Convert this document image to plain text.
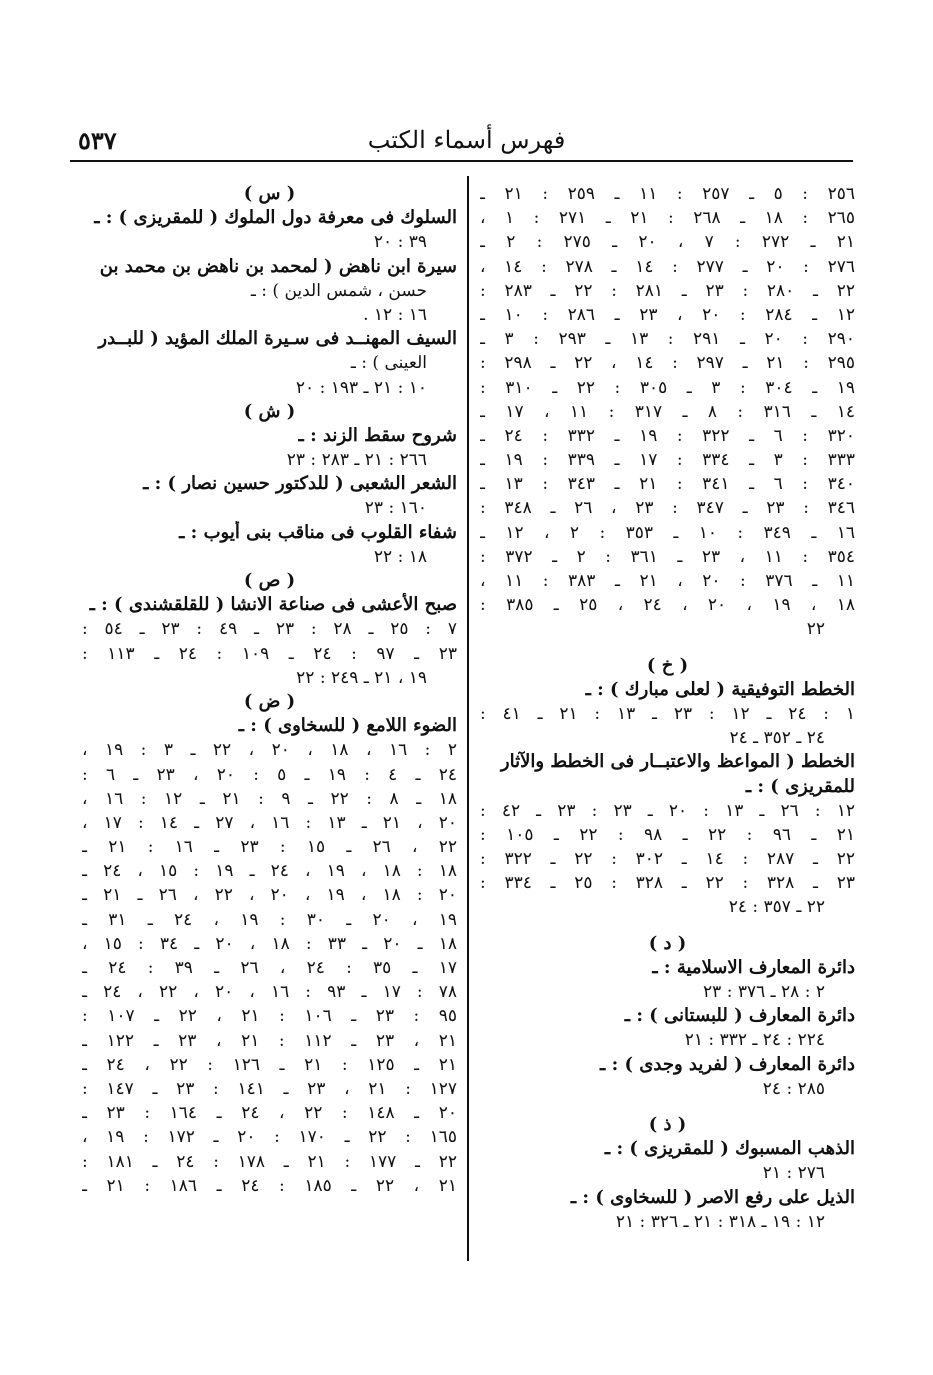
فهرس أسماء الكتب
٥٣٧
٢٥٦ : ٥ ـ ٢٥٧ : ١١ ـ ٢٥٩ : ٢١ ـ
٢٦٥ : ١٨ ـ ٢٦٨ : ٢١ ـ ٢٧١ : ١ ،
٢١ ـ ٢٧٢ : ٧ ، ٢٠ ـ ٢٧٥ : ٢ ـ
٢٧٦ : ٢٠ ـ ٢٧٧ : ١٤ ـ ٢٧٨ : ١٤ ،
٢٢ ـ ٢٨٠ : ٢٣ ـ ٢٨١ : ٢٢ ـ ٢٨٣ :
١٢ ـ ٢٨٤ : ٢٠ ، ٢٣ ـ ٢٨٦ : ١٠ ـ
٢٩٠ : ٢٠ ـ ٢٩١ : ١٣ ـ ٢٩٣ : ٣ ـ
٢٩٥ : ٢١ ـ ٢٩٧ : ١٤ ، ٢٢ ـ ٢٩٨ :
١٩ ـ ٣٠٤ : ٣ ـ ٣٠٥ : ٢٢ ـ ٣١٠ :
١٤ ـ ٣١٦ : ٨ ـ ٣١٧ : ١١ ، ١٧ ـ
٣٢٠ : ٦ ـ ٣٢٢ : ١٩ ـ ٣٣٢ : ٢٤ ـ
٣٣٣ : ٣ ـ ٣٣٤ : ١٧ ـ ٣٣٩ : ١٩ ـ
٣٤٠ : ٦ ـ ٣٤١ : ٢١ ـ ٣٤٣ : ١٣ ـ
٣٤٦ : ٢٣ ـ ٣٤٧ : ٢٣ ، ٢٦ ـ ٣٤٨ :
١٦ ـ ٣٤٩ : ١٠ ـ ٣٥٣ : ٢ ، ١٢ ـ
٣٥٤ : ١١ ، ٢٣ ـ ٣٦١ : ٢ ـ ٣٧٢ :
١١ ـ ٣٧٦ : ٢٠ ، ٢١ ـ ٣٨٣ : ١١ ،
١٨ ، ١٩ ، ٢٠ ، ٢٤ ، ٢٥ ـ ٣٨٥ :
٢٢
( خ )
الخطط التوفيقية ( لعلى مبارك ) : ـ
١ : ٢٤ ـ ١٢ : ٢٣ ـ ١٣ : ٢١ ـ ٤١ :
٢٤ ـ ٣٥٢ ـ ٢٤
الخطط ( المواعظ والاعتبــار فى الخطط والآثار
للمقريزى ) : ـ
١٢ : ٢٦ ـ ١٣ : ٢٠ ـ ٢٣ : ٢٣ ـ ٤٢ :
٢١ ـ ٩٦ : ٢٢ ـ ٩٨ : ٢٢ ـ ١٠٥ :
٢٢ ـ ٢٨٧ : ١٤ ـ ٣٠٢ : ٢٢ ـ ٣٢٢ :
٢٣ ـ ٣٢٨ : ٢٢ ـ ٣٢٨ : ٢٥ ـ ٣٣٤ :
٢٢ ـ ٣٥٧ : ٢٤
( د )
دائرة المعارف الاسلامية : ـ
٢ : ٢٨ ـ ٣٧٦ : ٢٣
دائرة المعارف ( للبستانى ) : ـ
٢٢٤ : ٢٤ ـ ٣٣٢ : ٢١
دائرة المعارف ( لفريد وجدى ) : ـ
٢٨٥ : ٢٤
( ذ )
الذهب المسبوك ( للمقريزى ) : ـ
٢٧٦ : ٢١
الذيل على رفع الاصر ( للسخاوى ) : ـ
١٢ : ١٩ ـ ٣١٨ : ٢١ ـ ٣٢٦ : ٢١
( س )
السلوك فى معرفة دول الملوك ( للمقريزى ) : ـ
٣٩ : ٢٠
سيرة ابن ناهض ( لمحمد بن ناهض بن محمد بن
حسن ، شمس الدين ) : ـ
١٦ : ١٢ .
السيف المهنــد فى سـيرة الملك المؤيد ( للبــدر
العينى ) : ـ
١٠ : ٢١ ـ ١٩٣ : ٢٠
( ش )
شروح سقط الزند : ـ
٢٦٦ : ٢١ ـ ٢٨٣ : ٢٣
الشعر الشعبى ( للدكتور حسين نصار ) : ـ
١٦٠ : ٢٣
شفاء القلوب فى مناقب بنى أيوب : ـ
١٨ : ٢٢
( ص )
صبح الأعشى فى صناعة الانشا ( للقلقشندى ) : ـ
٧ : ٢٥ ـ ٢٨ : ٢٣ ـ ٤٩ : ٢٣ ـ ٥٤ :
٢٣ ـ ٩٧ : ٢٤ ـ ١٠٩ : ٢٤ ـ ١١٣ :
١٩ ، ٢١ ـ ٢٤٩ : ٢٢
( ض )
الضوء اللامع ( للسخاوى ) : ـ
٢ : ١٦ ، ١٨ ، ٢٠ ، ٢٢ ـ ٣ : ١٩ ،
٢٤ ـ ٤ : ١٩ ـ ٥ : ٢٠ ، ٢٣ ـ ٦ :
١٨ ـ ٨ : ٢٢ ـ ٩ : ٢١ ـ ١٢ : ١٦ ،
٢٠ ، ٢١ ـ ١٣ : ١٦ ، ٢٧ ـ ١٤ : ١٧ ،
٢٢ ، ٢٦ ـ ١٥ : ٢٣ ـ ١٦ : ٢١ ـ
١٨ : ١٨ ، ١٩ ، ٢٤ ـ ١٩ : ١٥ ، ٢٤ ـ
٢٠ : ١٨ ، ١٩ ، ٢٠ ، ٢٢ ، ٢٦ ـ ٢١ ـ
١٩ ، ٢٠ ـ ٣٠ : ١٩ ، ٢٤ ـ ٣١ ـ
١٨ ـ ٢٠ ـ ٣٣ : ١٨ ، ٢٠ ـ ٣٤ : ١٥ ،
١٧ ـ ٣٥ : ٢٤ ، ٢٦ ـ ٣٩ : ٢٤ ـ
٧٨ : ١٧ ـ ٩٣ : ١٦ ، ٢٠ ، ٢٢ ، ٢٤ ـ
٩٥ : ٢٣ ـ ١٠٦ : ٢١ ، ٢٢ ـ ١٠٧ :
٢١ ، ٢٣ ـ ١١٢ : ٢١ ، ٢٣ ـ ١٢٢ ـ
٢١ ـ ١٢٥ : ٢١ ـ ١٢٦ : ٢٢ ، ٢٤ ـ
١٢٧ : ٢١ ، ٢٣ ـ ١٤١ : ٢٣ ـ ١٤٧ :
٢٠ ـ ١٤٨ : ٢٢ ، ٢٤ ـ ١٦٤ : ٢٣ ـ
١٦٥ : ٢٢ ـ ١٧٠ : ٢٠ ـ ١٧٢ : ١٩ ،
٢٢ ـ ١٧٧ : ٢١ ـ ١٧٨ : ٢٤ ـ ١٨١ :
٢١ ، ٢٢ ـ ١٨٥ : ٢٤ ـ ١٨٦ : ٢١ ـ
